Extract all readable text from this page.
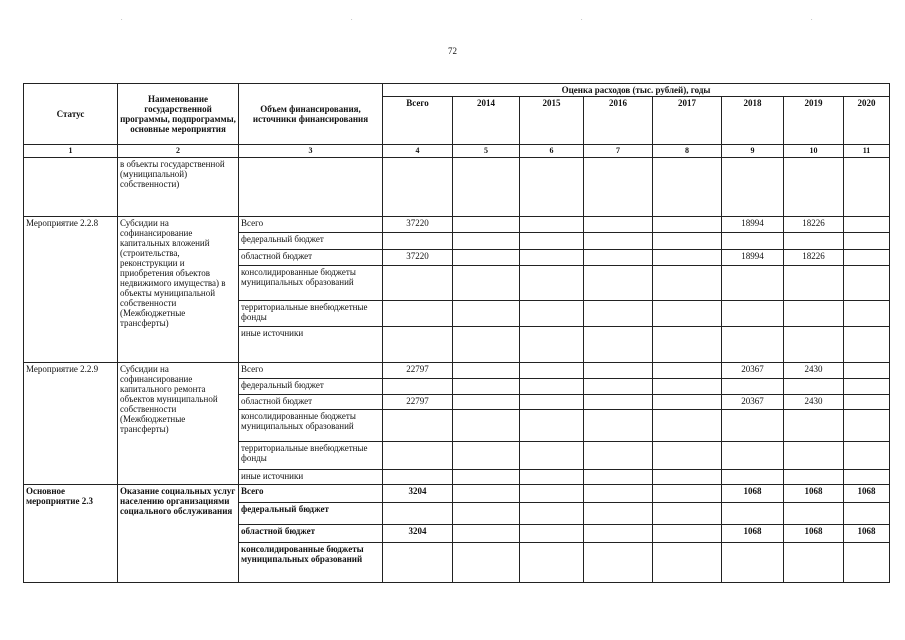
.	.	.	.
72
Статус	Наименование государственной программы, подпрограммы, основные мероприятия	Объем финансирования, источники финансирования	Оценка расходов (тыс. рублей), годы							
			Всего	2014	2015	2016	2017	2018	2019	2020
1	2	3	4	5	6	7	8	9	10	11
	в объекты государственной (муниципальной) собственности)									
Мероприятие 2.2.8	Субсидии на софинансирование капитальных вложений (строительства, реконструкции и приобретения объектов недвижимого имущества) в объекты муниципальной собственности (Межбюджетные трансферты)	Всего	37220					18994	18226	
		федеральный бюджет								
		областной бюджет	37220					18994	18226	
		консолидированные бюджеты муниципальных образований								
		территориальные внебюджетные фонды								
		иные источники								
Мероприятие 2.2.9	Субсидии на софинансирование капитального ремонта объектов муниципальной собственности (Межбюджетные трансферты)	Всего	22797					20367	2430	
		федеральный бюджет								
		областной бюджет	22797					20367	2430	
		консолидированные бюджеты муниципальных образований								
		территориальные внебюджетные фонды								
		иные источники								
Основное мероприятие 2.3	Оказание социальных услуг населению организациями социального обслуживания	Всего	3204					1068	1068	1068
		федеральный бюджет								
		областной бюджет	3204					1068	1068	1068
		консолидированные бюджеты муниципальных образований								
